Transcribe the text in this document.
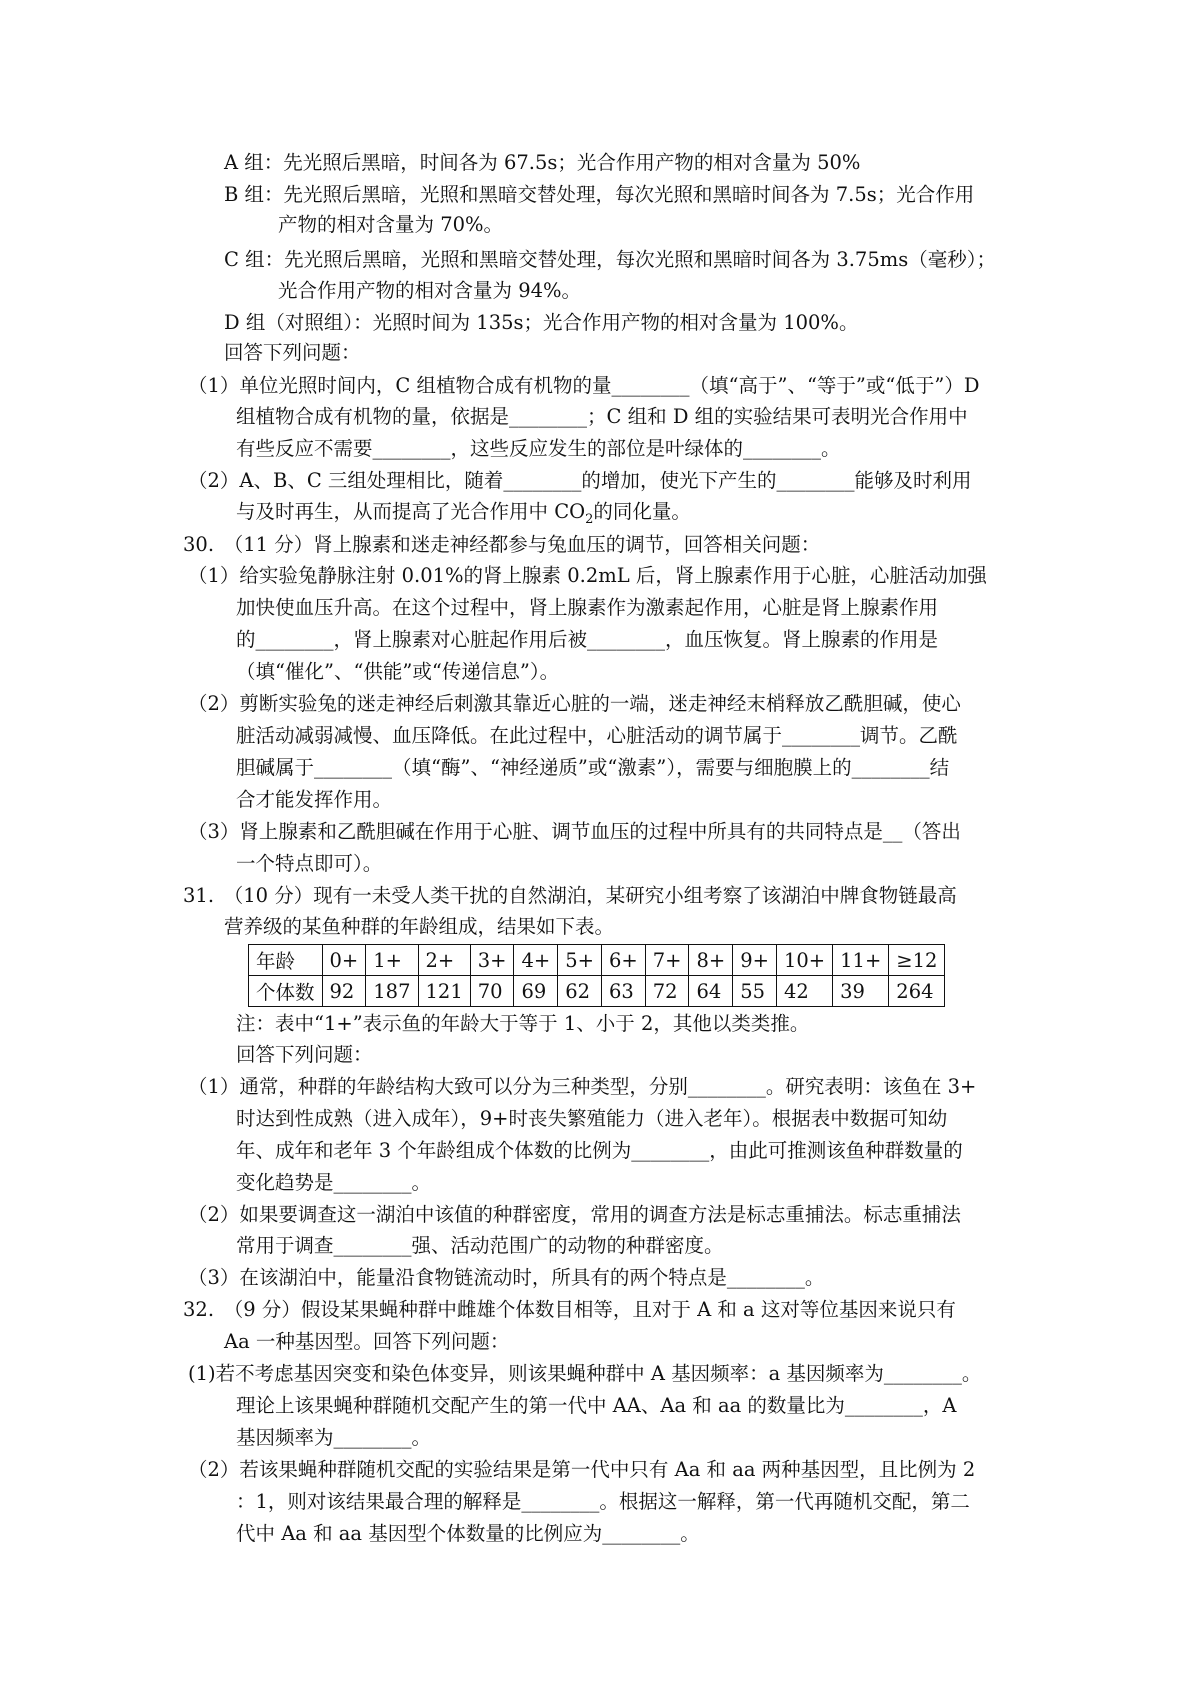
A 组：先光照后黑暗，时间各为 67.5s；光合作用产物的相对含量为 50%
B 组：先光照后黑暗，光照和黑暗交替处理，每次光照和黑暗时间各为 7.5s；光合作用
产物的相对含量为 70%。
C 组：先光照后黑暗，光照和黑暗交替处理，每次光照和黑暗时间各为 3.75ms（毫秒）；
光合作用产物的相对含量为 94%。
D 组（对照组）：光照时间为 135s；光合作用产物的相对含量为 100%。
回答下列问题：
（1）单位光照时间内，C 组植物合成有机物的量________（填“高于”、“等于”或“低于”）D
组植物合成有机物的量，依据是________；C 组和 D 组的实验结果可表明光合作用中
有些反应不需要________，这些反应发生的部位是叶绿体的________。
（2）A、B、C 三组处理相比，随着________的增加，使光下产生的________能够及时利用
与及时再生，从而提高了光合作用中 $CO_2$的同化量。
30.　（11 分）肾上腺素和迷走神经都参与兔血压的调节，回答相关问题：
（1）给实验兔静脉注射 0.01%的肾上腺素 0.2mL 后，肾上腺素作用于心脏，心脏活动加强
加快使血压升高。在这个过程中，肾上腺素作为激素起作用，心脏是肾上腺素作用
的________，肾上腺素对心脏起作用后被________，血压恢复。肾上腺素的作用是
（填“催化”、“供能”或“传递信息”）。
（2）剪断实验兔的迷走神经后刺激其靠近心脏的一端，迷走神经末梢释放乙酰胆碱，使心
脏活动减弱减慢、血压降低。在此过程中，心脏活动的调节属于________调节。乙酰
胆碱属于________（填“酶”、“神经递质”或“激素”），需要与细胞膜上的________结
合才能发挥作用。
（3）肾上腺素和乙酰胆碱在作用于心脏、调节血压的过程中所具有的共同特点是__（答出
一个特点即可）。
31.　（10 分）现有一未受人类干扰的自然湖泊，某研究小组考察了该湖泊中牌食物链最高
营养级的某鱼种群的年龄组成，结果如下表。
年龄	0+	1+	2+	3+	4+	5+	6+	7+	8+	9+	10+	11+	≥12
个体数	92	187	121	70	69	62	63	72	64	55	42	39	264
注：表中“1+”表示鱼的年龄大于等于 1、小于 2，其他以类类推。
回答下列问题：
（1）通常，种群的年龄结构大致可以分为三种类型，分别________。研究表明：该鱼在 3+
时达到性成熟（进入成年），9+时丧失繁殖能力（进入老年）。根据表中数据可知幼
年、成年和老年 3 个年龄组成个体数的比例为________，由此可推测该鱼种群数量的
变化趋势是________。
（2）如果要调查这一湖泊中该值的种群密度，常用的调查方法是标志重捕法。标志重捕法
常用于调查________强、活动范围广的动物的种群密度。
（3）在该湖泊中，能量沿食物链流动时，所具有的两个特点是________。
32.　（9 分）假设某果蝇种群中雌雄个体数目相等，且对于 A 和 a 这对等位基因来说只有
Aa 一种基因型。回答下列问题：
(1)若不考虑基因突变和染色体变异，则该果蝇种群中 A 基因频率：a 基因频率为________。
理论上该果蝇种群随机交配产生的第一代中 AA、Aa 和 aa 的数量比为________，A
基因频率为________。
（2）若该果蝇种群随机交配的实验结果是第一代中只有 Aa 和 aa 两种基因型，且比例为 2
：1，则对该结果最合理的解释是________。根据这一解释，第一代再随机交配，第二
代中 Aa 和 aa 基因型个体数量的比例应为________。
